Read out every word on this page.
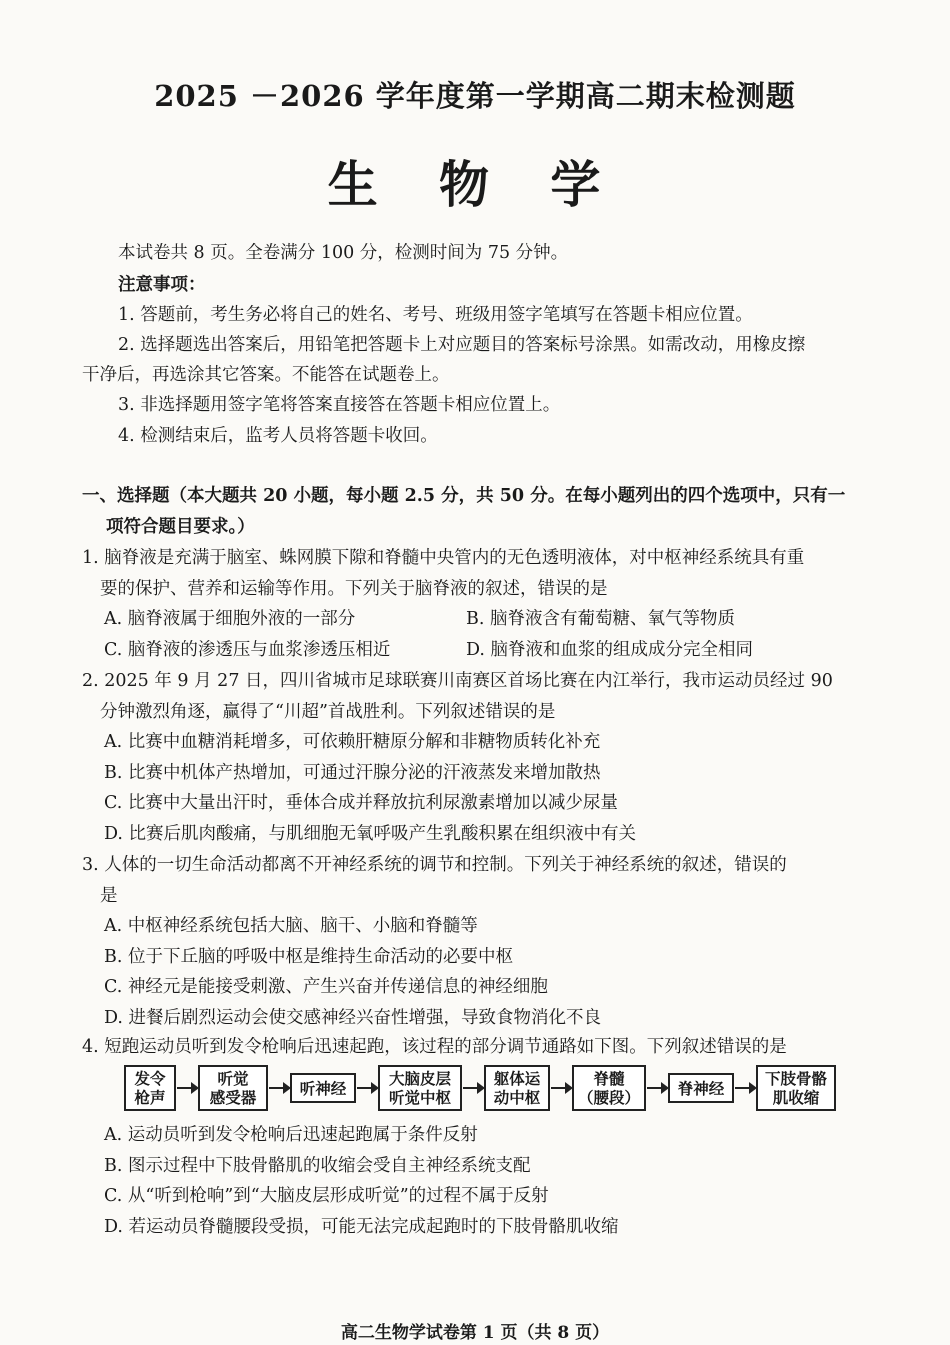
2025 －2026 学年度第一学期高二期末检测题
生 物 学
本试卷共 8 页。全卷满分 100 分，检测时间为 75 分钟。
注意事项：
1. 答题前，考生务必将自己的姓名、考号、班级用签字笔填写在答题卡相应位置。
2. 选择题选出答案后，用铅笔把答题卡上对应题目的答案标号涂黑。如需改动，用橡皮擦
干净后，再选涂其它答案。不能答在试题卷上。
3. 非选择题用签字笔将答案直接答在答题卡相应位置上。
4. 检测结束后，监考人员将答题卡收回。
一、选择题（本大题共 20 小题，每小题 2.5 分，共 50 分。在每小题列出的四个选项中，只有一
项符合题目要求。）
1. 脑脊液是充满于脑室、蛛网膜下隙和脊髓中央管内的无色透明液体，对中枢神经系统具有重
要的保护、营养和运输等作用。下列关于脑脊液的叙述，错误的是
A. 脑脊液属于细胞外液的一部分	B. 脑脊液含有葡萄糖、氧气等物质
C. 脑脊液的渗透压与血浆渗透压相近	D. 脑脊液和血浆的组成成分完全相同
2. 2025 年 9 月 27 日，四川省城市足球联赛川南赛区首场比赛在内江举行，我市运动员经过 90
分钟激烈角逐，赢得了“川超”首战胜利。下列叙述错误的是
A. 比赛中血糖消耗增多，可依赖肝糖原分解和非糖物质转化补充
B. 比赛中机体产热增加，可通过汗腺分泌的汗液蒸发来增加散热
C. 比赛中大量出汗时，垂体合成并释放抗利尿激素增加以减少尿量
D. 比赛后肌肉酸痛，与肌细胞无氧呼吸产生乳酸积累在组织液中有关
3. 人体的一切生命活动都离不开神经系统的调节和控制。下列关于神经系统的叙述，错误的
是
A. 中枢神经系统包括大脑、脑干、小脑和脊髓等
B. 位于下丘脑的呼吸中枢是维持生命活动的必要中枢
C. 神经元是能接受刺激、产生兴奋并传递信息的神经细胞
D. 进餐后剧烈运动会使交感神经兴奋性增强，导致食物消化不良
4. 短跑运动员听到发令枪响后迅速起跑，该过程的部分调节通路如下图。下列叙述错误的是
发令
枪声
听觉
感受器	听神经	大脑皮层
听觉中枢
躯体运
动中枢
脊髓
（腰段） 脊神经	下肢骨骼
肌收缩
A. 运动员听到发令枪响后迅速起跑属于条件反射
B. 图示过程中下肢骨骼肌的收缩会受自主神经系统支配
C. 从“听到枪响”到“大脑皮层形成听觉”的过程不属于反射
D. 若运动员脊髓腰段受损，可能无法完成起跑时的下肢骨骼肌收缩
高二生物学试卷第 1 页（共 8 页）
